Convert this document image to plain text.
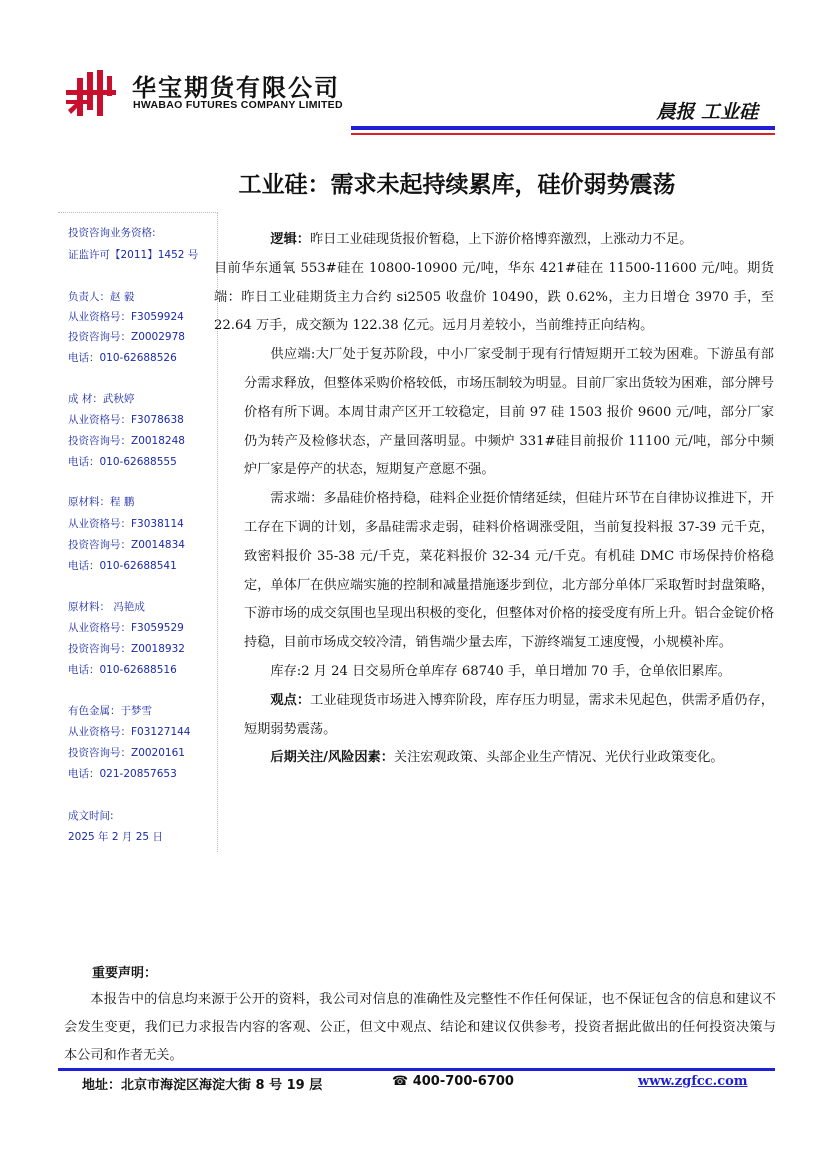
华宝期货有限公司
HWABAO FUTURES COMPANY LIMITED	晨报 工业硅
工业硅：需求未起持续累库，硅价弱势震荡
投资咨询业务资格:
证监许可【2011】1452 号
负责人：赵 毅
从业资格号：F3059924
投资咨询号：Z0002978
电话：010-62688526
成 材：武秋婷
从业资格号：F3078638
投资咨询号：Z0018248
电话：010-62688555
原材料：程 鹏
从业资格号：F3038114
投资咨询号：Z0014834
电话：010-62688541
原材料： 冯艳成
从业资格号：F3059529
投资咨询号：Z0018932
电话：010-62688516
有色金属：于梦雪
从业资格号：F03127144
投资咨询号：Z0020161
电话：021-20857653
成文时间:
2025 年 2 月 25 日

逻辑：昨日工业硅现货报价暂稳，上下游价格博弈激烈，上涨动力不足。

目前华东通氧 553#硅在 10800-10900 元/吨，华东 421#硅在 11500-11600 元/吨。期货端：昨日工业硅期货主力合约 si2505 收盘价 10490，跌 0.62%，主力日增仓 3970 手，至 22.64 万手，成交额为 122.38 亿元。远月月差较小，当前维持正向结构。

供应端:大厂处于复苏阶段，中小厂家受制于现有行情短期开工较为困难。下游虽有部分需求释放，但整体采购价格较低，市场压制较为明显。目前厂家出货较为困难，部分牌号价格有所下调。本周甘肃产区开工较稳定，目前 97 硅 1503 报价 9600 元/吨，部分厂家仍为转产及检修状态，产量回落明显。中频炉 331#硅目前报价 11100 元/吨，部分中频炉厂家是停产的状态，短期复产意愿不强。

需求端：多晶硅价格持稳，硅料企业挺价情绪延续，但硅片环节在自律协议推进下，开工存在下调的计划，多晶硅需求走弱，硅料价格调涨受阻，当前复投料报 37-39 元千克，致密料报价 35-38 元/千克，菜花料报价 32-34 元/千克。有机硅 DMC 市场保持价格稳定，单体厂在供应端实施的控制和减量措施逐步到位，北方部分单体厂采取暂时封盘策略，下游市场的成交氛围也呈现出积极的变化，但整体对价格的接受度有所上升。铝合金锭价格持稳，目前市场成交较冷清，销售端少量去库，下游终端复工速度慢，小规模补库。

库存:2 月 24 日交易所仓单库存 68740 手，单日增加 70 手，仓单依旧累库。

观点：工业硅现货市场进入博弈阶段，库存压力明显，需求未见起色，供需矛盾仍存，短期弱势震荡。

后期关注/风险因素：关注宏观政策、头部企业生产情况、光伏行业政策变化。

重要声明：
本报告中的信息均来源于公开的资料，我公司对信息的准确性及完整性不作任何保证，也不保证包含的信息和建议不会发生变更，我们已力求报告内容的客观、公正，但文中观点、结论和建议仅供参考，投资者据此做出的任何投资决策与本公司和作者无关。
地址：北京市海淀区海淀大街 8 号 19 层	☎ 400-700-6700	www.zgfcc.com
